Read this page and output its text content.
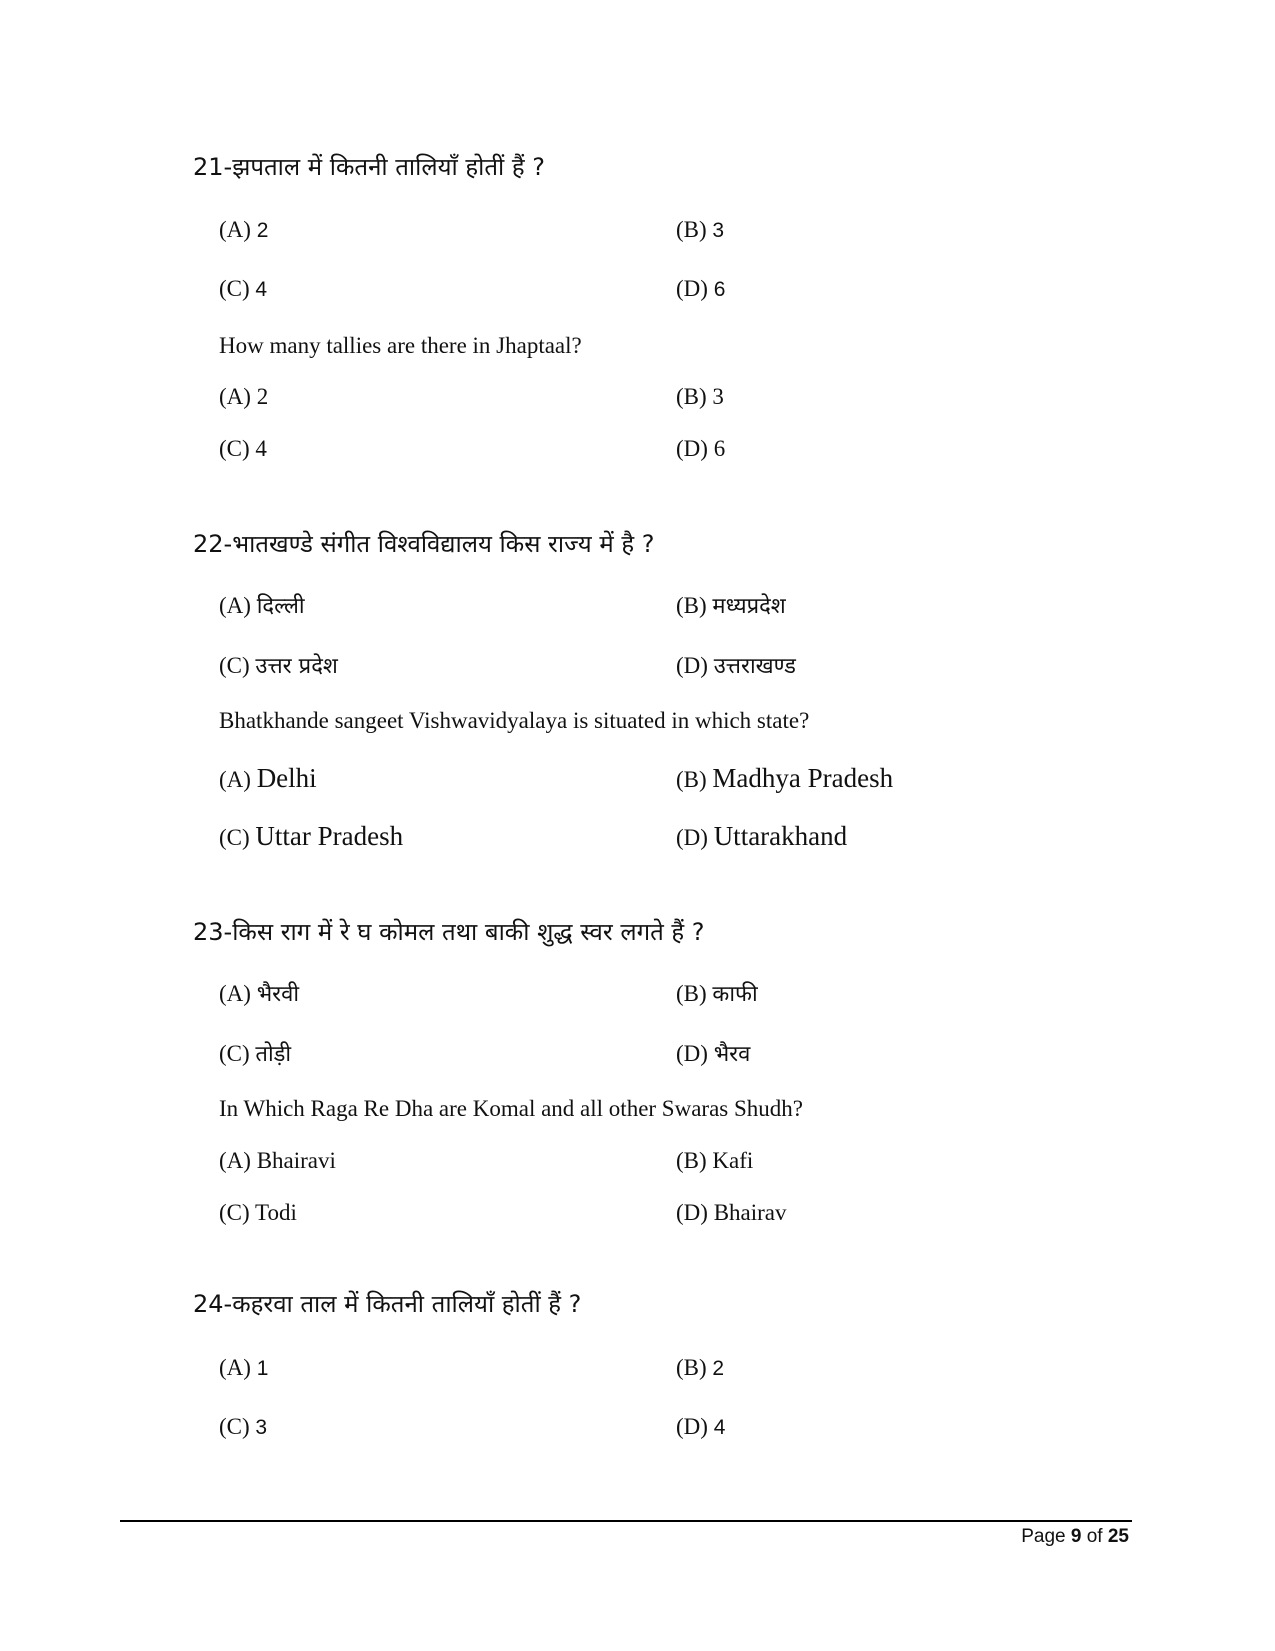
21-झपताल में कितनी तालियाँ होतीं हैं ?
(A) 2	(B) 3
(C) 4	(D) 6
How many tallies are there in Jhaptaal?
(A) 2	(B) 3
(C) 4	(D) 6
22-भातखण्डे संगीत विश्वविद्यालय किस राज्य में है ?
(A) दिल्ली	(B) मध्यप्रदेश
(C) उत्तर प्रदेश	(D) उत्तराखण्ड
Bhatkhande sangeet Vishwavidyalaya is situated in which state?
(A) Delhi	(B) Madhya Pradesh
(C) Uttar Pradesh	(D) Uttarakhand
23-किस राग में रे घ कोमल तथा बाकी शुद्ध स्वर लगते हैं ?
(A) भैरवी	(B) काफी
(C) तोड़ी	(D) भैरव
In Which Raga Re Dha are Komal and all other Swaras Shudh?
(A) Bhairavi	(B) Kafi
(C) Todi	(D) Bhairav
24-कहरवा ताल में कितनी तालियाँ होतीं हैं ?
(A) 1	(B) 2
(C) 3	(D) 4
Page 9 of 25
